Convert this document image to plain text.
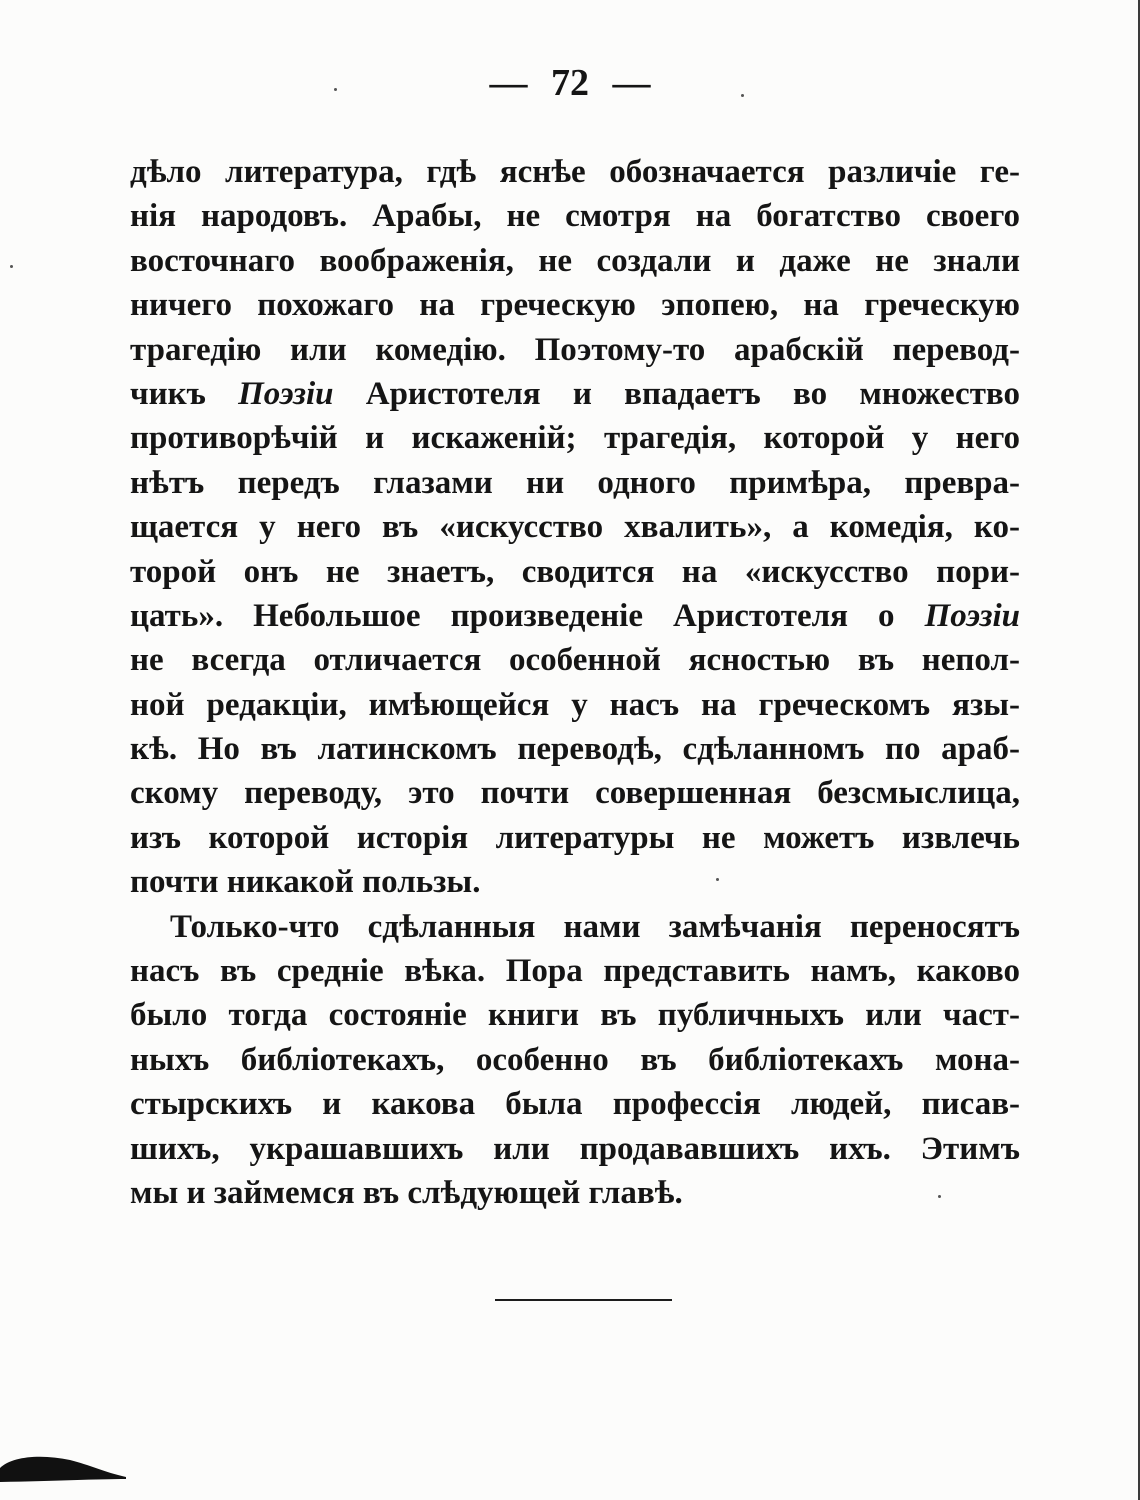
— 72 —
дѣло литература, гдѣ яснѣе обозначается различіе ге-
нія народовъ. Арабы, не смотря на богатство своего
восточнаго воображенія, не создали и даже не знали
ничего похожаго на греческую эпопею, на греческую
трагедію или комедію. Поэтому-то арабскій перевод-
чикъ Поэзіи Аристотеля и впадаетъ во множество
противорѣчій и искаженій; трагедія, которой у него
нѣтъ передъ глазами ни одного примѣра, превра-
щается у него въ «искусство хвалить», а комедія, ко-
торой онъ не знаетъ, сводится на «искусство пори-
цать». Небольшое произведеніе Аристотеля о Поэзіи
не всегда отличается особенной ясностью въ непол-
ной редакціи, имѣющейся у насъ на греческомъ язы-
кѣ. Но въ латинскомъ переводѣ, сдѣланномъ по араб-
скому переводу, это почти совершенная безсмыслица,
изъ которой исторія литературы не можетъ извлечь
почти никакой пользы.
Только-что сдѣланныя нами замѣчанія переносятъ
насъ въ средніе вѣка. Пора представить намъ, каково
было тогда состояніе книги въ публичныхъ или част-
ныхъ библіотекахъ, особенно въ библіотекахъ мона-
стырскихъ и какова была профессія людей, писав-
шихъ, украшавшихъ или продававшихъ ихъ. Этимъ
мы и займемся въ слѣдующей главѣ.
